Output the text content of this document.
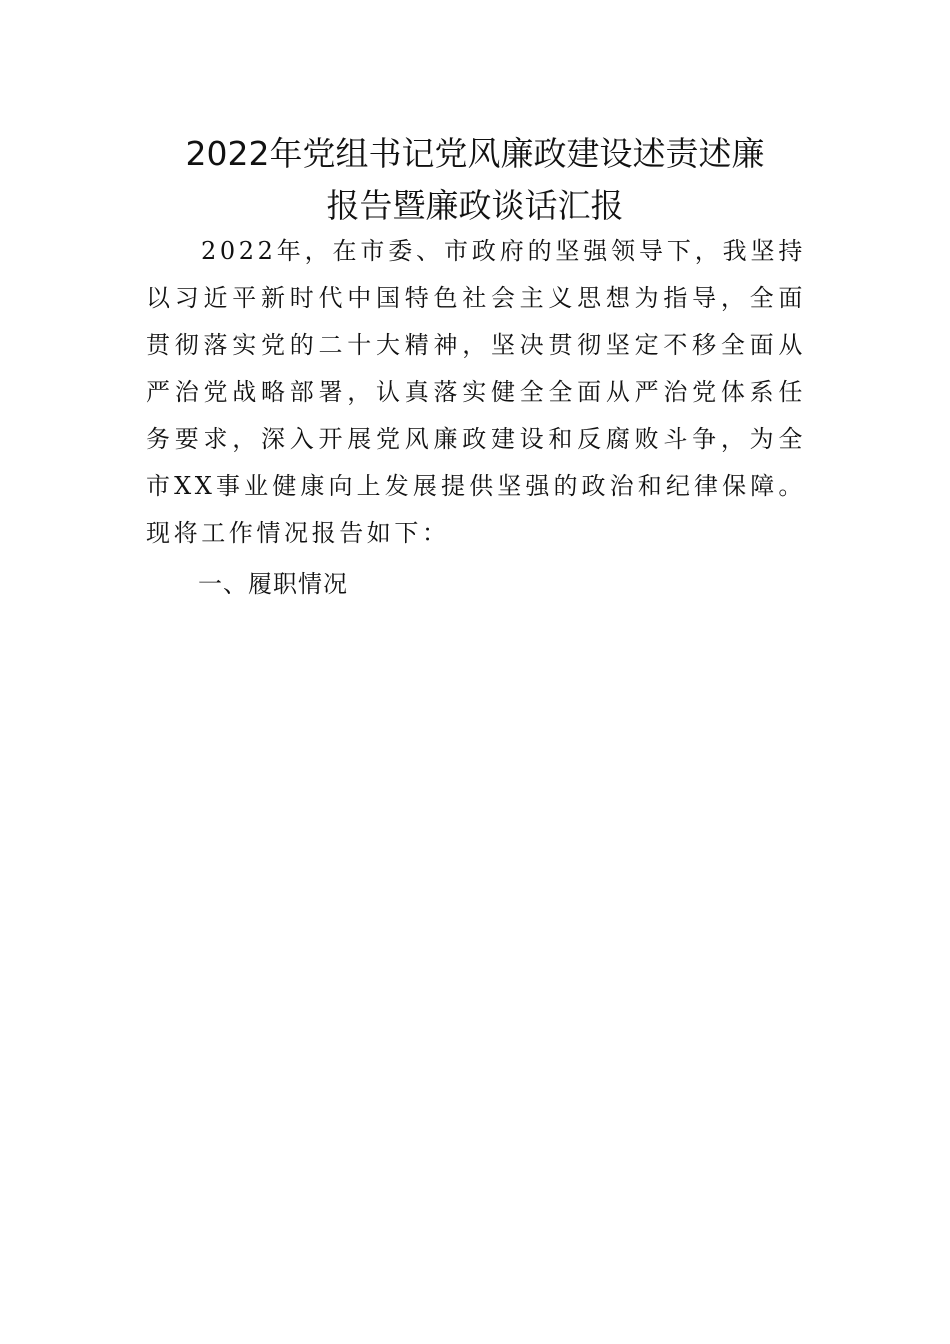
2022年党组书记党风廉政建设述责述廉
报告暨廉政谈话汇报

2022年，在市委、市政府的坚强领导下，我坚持以习近平新时代中国特色社会主义思想为指导，全面贯彻落实党的二十大精神，坚决贯彻坚定不移全面从严治党战略部署，认真落实健全全面从严治党体系任务要求，深入开展党风廉政建设和反腐败斗争，为全市XX事业健康向上发展提供坚强的政治和纪律保障。现将工作情况报告如下：

一、履职情况
